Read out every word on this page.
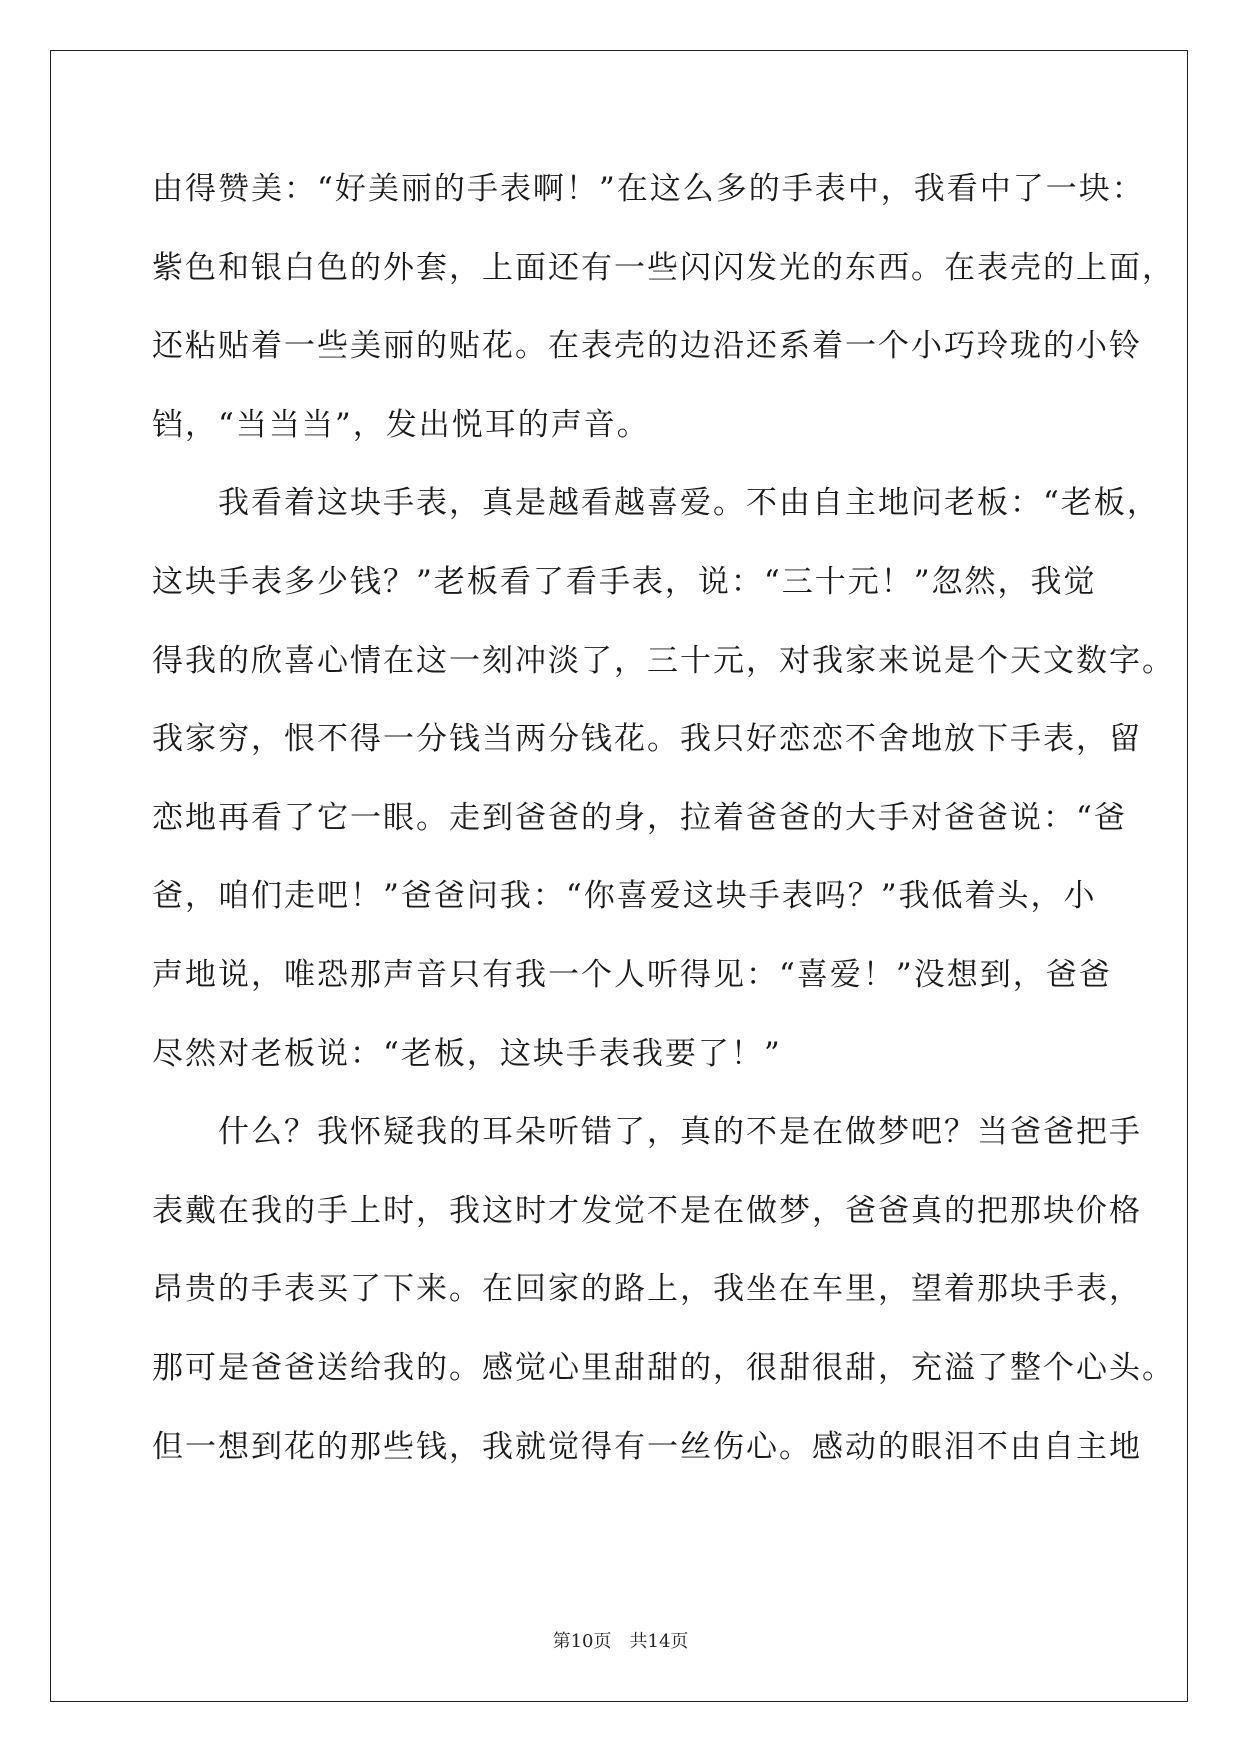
由得赞美：“好美丽的手表啊！”在这么多的手表中，我看中了一块：
紫色和银白色的外套，上面还有一些闪闪发光的东西。在表壳的上面，
还粘贴着一些美丽的贴花。在表壳的边沿还系着一个小巧玲珑的小铃
铛，“当当当”，发出悦耳的声音。
我看着这块手表，真是越看越喜爱。不由自主地问老板：“老板，
这块手表多少钱？”老板看了看手表，说：“三十元！”忽然，我觉
得我的欣喜心情在这一刻冲淡了，三十元，对我家来说是个天文数字。
我家穷，恨不得一分钱当两分钱花。我只好恋恋不舍地放下手表，留
恋地再看了它一眼。走到爸爸的身，拉着爸爸的大手对爸爸说：“爸
爸，咱们走吧！”爸爸问我：“你喜爱这块手表吗？”我低着头，小
声地说，唯恐那声音只有我一个人听得见：“喜爱！”没想到，爸爸
尽然对老板说：“老板，这块手表我要了！”
什么？我怀疑我的耳朵听错了，真的不是在做梦吧？当爸爸把手
表戴在我的手上时，我这时才发觉不是在做梦，爸爸真的把那块价格
昂贵的手表买了下来。在回家的路上，我坐在车里，望着那块手表，
那可是爸爸送给我的。感觉心里甜甜的，很甜很甜，充溢了整个心头。
但一想到花的那些钱，我就觉得有一丝伤心。感动的眼泪不由自主地
第10页 共14页
